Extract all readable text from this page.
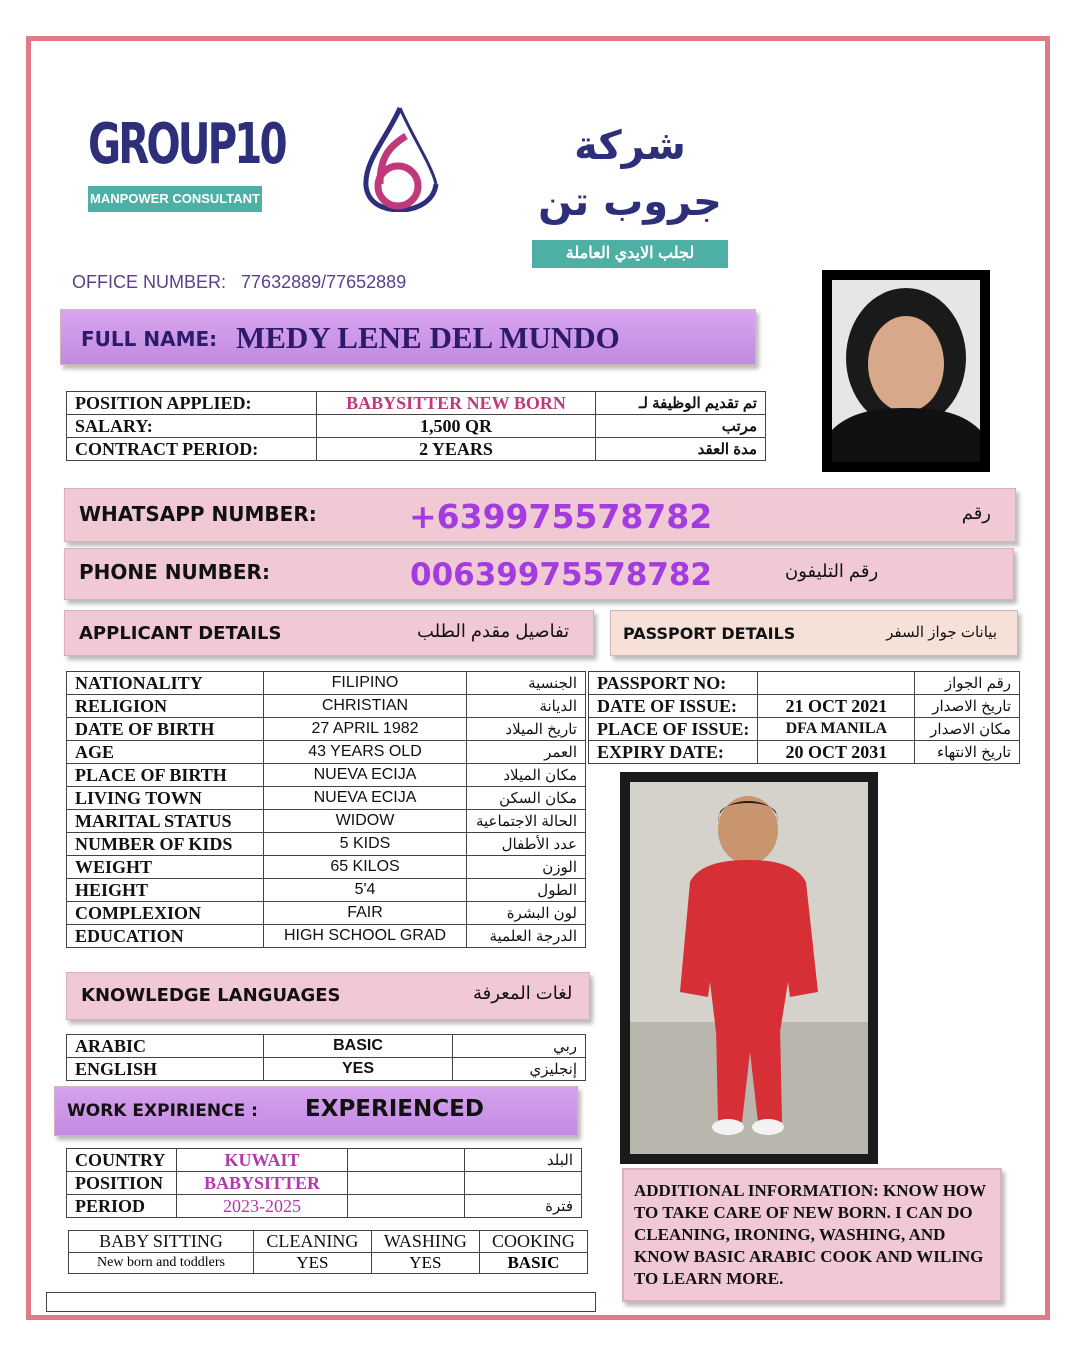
GROUP10
MANPOWER CONSULTANT
شركة جروب تن
لجلب الايدي العاملة
OFFICE NUMBER: 77632889/77652889
FULL NAME: MEDY LENE DEL MUNDO
POSITION APPLIED:	BABYSITTER NEW BORN	تم تقديم الوظيفة لـ
SALARY:	1,500 QR	مرتب
CONTRACT PERIOD:	2 YEARS	مدة العقد
WHATSAPP NUMBER:	+639975578782	رقم
PHONE NUMBER:	00639975578782	رقم التليفون
APPLICANT DETAILS	تفاصيل مقدم الطلب	PASSPORT DETAILS	بيانات جواز السفر
NATIONALITY	FILIPINO	الجنسية
RELIGION	CHRISTIAN	الديانة
DATE OF BIRTH	27 APRIL 1982	تاريخ الميلاد
AGE	43 YEARS OLD	العمر
PLACE OF BIRTH	NUEVA ECIJA	مكان الميلاد
LIVING TOWN	NUEVA ECIJA	مكان السكن
MARITAL STATUS	WIDOW	الحالة الاجتماعية
NUMBER OF KIDS	5 KIDS	عدد الأطفال
WEIGHT	65 KILOS	الوزن
HEIGHT	5'4	الطول
COMPLEXION	FAIR	لون البشرة
EDUCATION	HIGH SCHOOL GRAD	الدرجة العلمية
PASSPORT NO:		رقم الجواز
DATE OF ISSUE:	21 OCT 2021	تاريخ الاصدار
PLACE OF ISSUE:	DFA MANILA	مكان الاصدار
EXPIRY DATE:	20 OCT 2031	تاريخ الانتهاء
KNOWLEDGE LANGUAGES	لغات المعرفة
ARABIC	BASIC	ربي
ENGLISH	YES	إنجليزي
WORK EXPIRIENCE : EXPERIENCED
COUNTRY	KUWAIT		البلد
POSITION	BABYSITTER		
PERIOD	2023-2025		فترة
BABY SITTING	CLEANING	WASHING	COOKING
New born and toddlers	YES	YES	BASIC
ADDITIONAL INFORMATION: KNOW HOW TO TAKE CARE OF NEW BORN. I CAN DO CLEANING, IRONING, WASHING, AND KNOW BASIC ARABIC COOK AND WILING TO LEARN MORE.
